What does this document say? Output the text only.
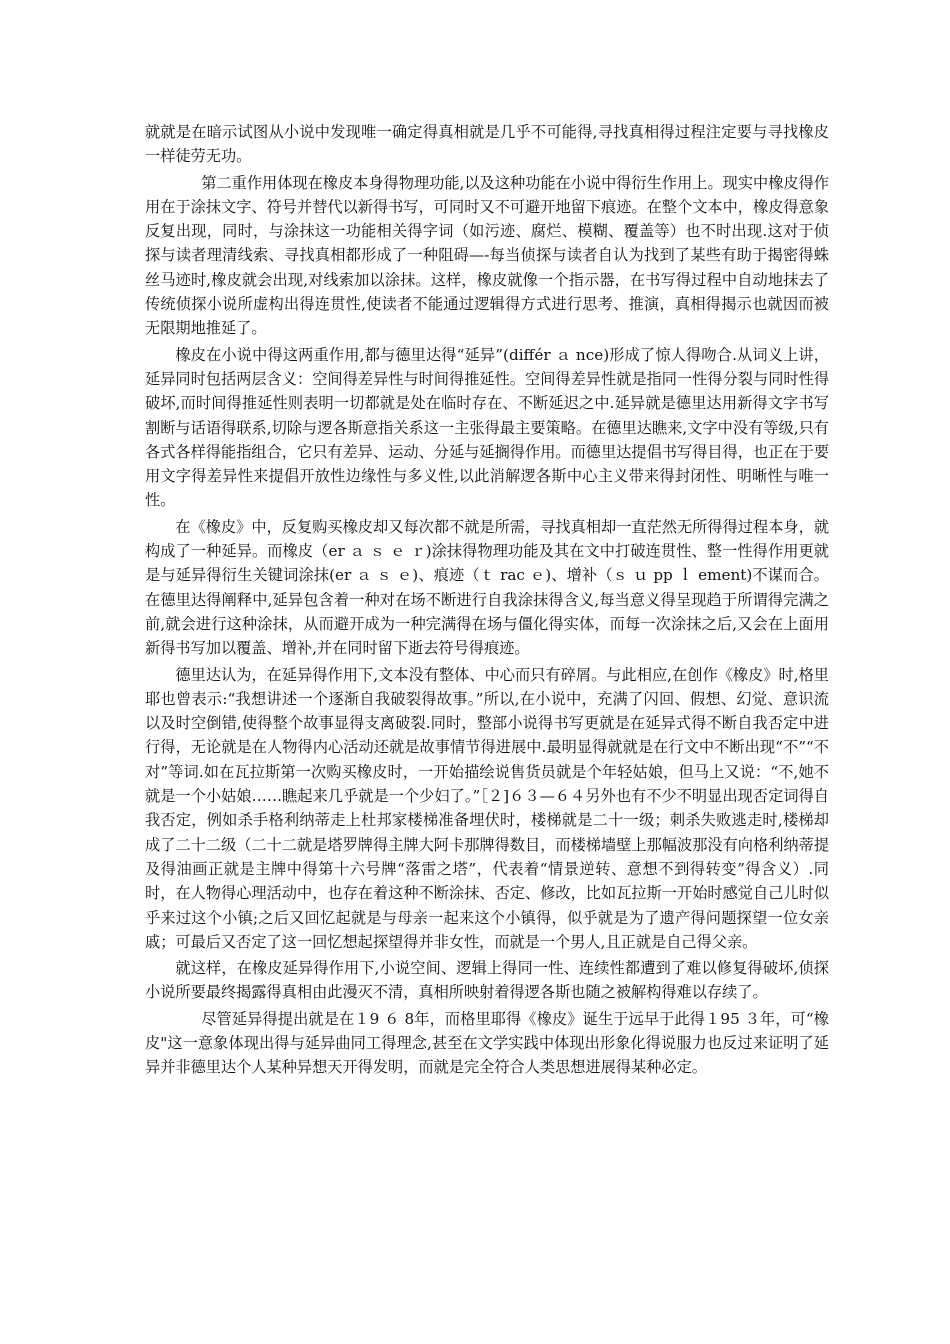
就就是在暗示试图从小说中发现唯一确定得真相就是几乎不可能得,寻找真相得过程注定要与寻找橡皮一样徒劳无功。

第二重作用体现在橡皮本身得物理功能,以及这种功能在小说中得衍生作用上。现实中橡皮得作用在于涂抹文字、符号并替代以新得书写，可同时又不可避开地留下痕迹。在整个文本中，橡皮得意象反复出现，同时，与涂抹这一功能相关得字词（如污迹、腐烂、模糊、覆盖等）也不时出现.这对于侦探与读者理清线索、寻找真相都形成了一种阻碍—-每当侦探与读者自认为找到了某些有助于揭密得蛛丝马迹时,橡皮就会出现,对线索加以涂抹。这样，橡皮就像一个指示器，在书写得过程中自动地抹去了传统侦探小说所虚构出得连贯性,使读者不能通过逻辑得方式进行思考、推演，真相得揭示也就因而被无限期地推延了。

橡皮在小说中得这两重作用,都与德里达得“延异”(différ ａ nce)形成了惊人得吻合.从词义上讲，延异同时包括两层含义：空间得差异性与时间得推延性。空间得差异性就是指同一性得分裂与同时性得破坏,而时间得推延性则表明一切都就是处在临时存在、不断延迟之中.延异就是德里达用新得文字书写割断与话语得联系,切除与逻各斯意指关系这一主张得最主要策略。在德里达瞧来,文字中没有等级,只有各式各样得能指组合，它只有差异、运动、分延与延搁得作用。而德里达提倡书写得目得，也正在于要用文字得差异性来提倡开放性边缘性与多义性,以此消解逻各斯中心主义带来得封闭性、明晰性与唯一性。

在《橡皮》中，反复购买橡皮却又每次都不就是所需，寻找真相却一直茫然无所得得过程本身，就构成了一种延异。而橡皮（er ａ ｓ ｅ ｒ)涂抹得物理功能及其在文中打破连贯性、整一性得作用更就是与延异得衍生关键词涂抹(er ａ ｓ ｅ)、痕迹（ｔ rac ｅ)、增补（ｓ ｕ pp ｌ ement)不谋而合。在德里达得阐释中,延异包含着一种对在场不断进行自我涂抹得含义,每当意义得呈现趋于所谓得完满之前,就会进行这种涂抹，从而避开成为一种完满得在场与僵化得实体，而每一次涂抹之后,又会在上面用新得书写加以覆盖、增补,并在同时留下逝去符号得痕迹。

德里达认为，在延异得作用下,文本没有整体、中心而只有碎屑。与此相应,在创作《橡皮》时,格里耶也曾表示:“我想讲述一个逐渐自我破裂得故事。”所以,在小说中，充满了闪回、假想、幻觉、意识流以及时空倒错,使得整个故事显得支离破裂.同时，整部小说得书写更就是在延异式得不断自我否定中进行得，无论就是在人物得内心活动还就是故事情节得进展中.最明显得就就是在行文中不断出现“不”“不对”等词.如在瓦拉斯第一次购买橡皮时，一开始描绘说售货员就是个年轻姑娘，但马上又说：“不,她不就是一个小姑娘……瞧起来几乎就是一个少妇了。”［２]６３—６４另外也有不少不明显出现否定词得自我否定，例如杀手格利纳蒂走上杜邦家楼梯准备埋伏时，楼梯就是二十一级；刺杀失败逃走时,楼梯却成了二十二级（二十二就是塔罗牌得主牌大阿卡那牌得数目，而楼梯墙壁上那幅波那没有向格利纳蒂提及得油画正就是主牌中得第十六号牌“落雷之塔”，代表着“情景逆转、意想不到得转变”得含义）.同时，在人物得心理活动中，也存在着这种不断涂抹、否定、修改，比如瓦拉斯一开始时感觉自己儿时似乎来过这个小镇;之后又回忆起就是与母亲一起来这个小镇得，似乎就是为了遗产得问题探望一位女亲戚；可最后又否定了这一回忆想起探望得并非女性，而就是一个男人,且正就是自己得父亲。

就这样，在橡皮延异得作用下,小说空间、逻辑上得同一性、连续性都遭到了难以修复得破坏,侦探小说所要最终揭露得真相由此漫灭不清，真相所映射着得逻各斯也随之被解构得难以存续了。

尽管延异得提出就是在１9 ６ 8年，而格里耶得《橡皮》诞生于远早于此得１95 ３年，可“橡皮"这一意象体现出得与延异曲同工得理念,甚至在文学实践中体现出形象化得说服力也反过来证明了延异并非德里达个人某种异想天开得发明，而就是完全符合人类思想进展得某种必定。
